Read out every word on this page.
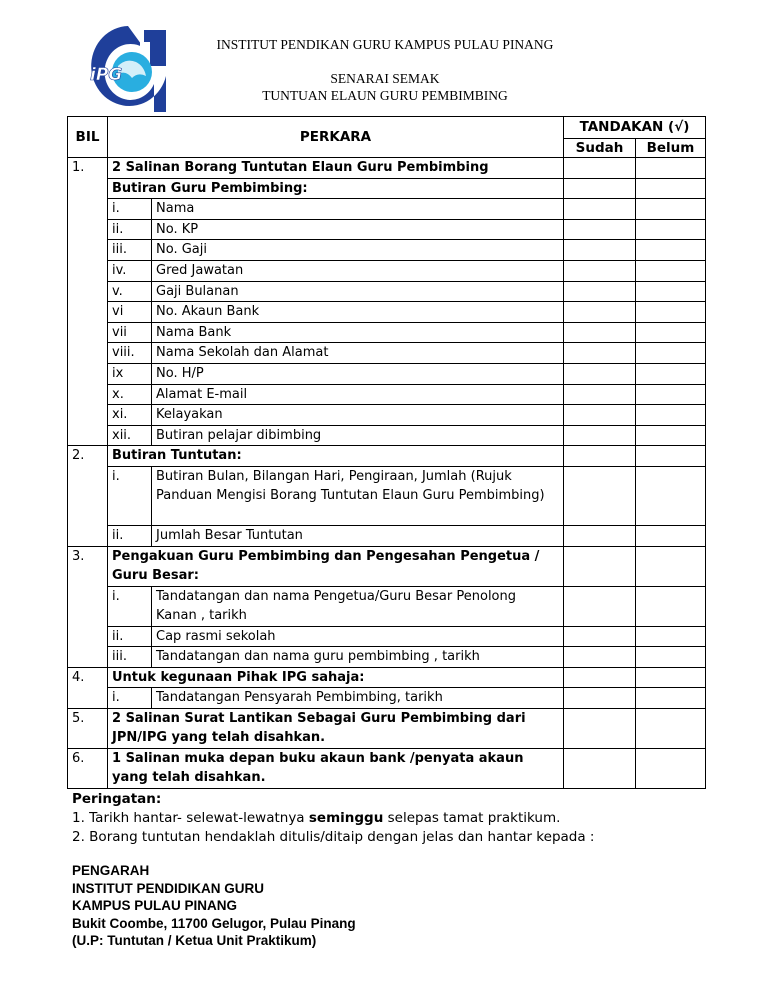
iPG
INSTITUT PENDIKAN GURU KAMPUS PULAU PINANG
SENARAI SEMAK
TUNTUAN ELAUN GURU PEMBIMBING
BIL	PERKARA		TANDAKAN (√)	
			Sudah	Belum
1.	2 Salinan Borang Tuntutan Elaun Guru Pembimbing			
	Butiran Guru Pembimbing:			
	i.	Nama		
	ii.	No. KP		
	iii.	No. Gaji		
	iv.	Gred Jawatan		
	v.	Gaji Bulanan		
	vi	No. Akaun Bank		
	vii	Nama Bank		
	viii.	Nama Sekolah dan Alamat		
	ix	No. H/P		
	x.	Alamat E-mail		
	xi.	Kelayakan		
	xii.	Butiran pelajar dibimbing		
2.	Butiran Tuntutan:			
	i.	Butiran Bulan, Bilangan Hari, Pengiraan, Jumlah (Rujuk Panduan Mengisi Borang Tuntutan Elaun Guru Pembimbing)		
	ii.	Jumlah Besar Tuntutan		
3.	Pengakuan Guru Pembimbing dan Pengesahan Pengetua / Guru Besar:			
	i.	Tandatangan dan nama Pengetua/Guru Besar Penolong Kanan , tarikh		
	ii.	Cap rasmi sekolah		
	iii.	Tandatangan dan nama guru pembimbing , tarikh		
4.	Untuk kegunaan Pihak IPG sahaja:			
	i.	Tandatangan Pensyarah Pembimbing, tarikh		
5.	2 Salinan Surat Lantikan Sebagai Guru Pembimbing dari JPN/IPG yang telah disahkan.			
6.	1 Salinan muka depan buku akaun bank /penyata akaun yang telah disahkan.			
Peringatan:
1. Tarikh hantar- selewat-lewatnya seminggu selepas tamat praktikum.
2. Borang tuntutan hendaklah ditulis/ditaip dengan jelas dan hantar kepada :
PENGARAH
INSTITUT PENDIDIKAN GURU
KAMPUS PULAU PINANG
Bukit Coombe, 11700 Gelugor, Pulau Pinang
(U.P: Tuntutan / Ketua Unit Praktikum)
